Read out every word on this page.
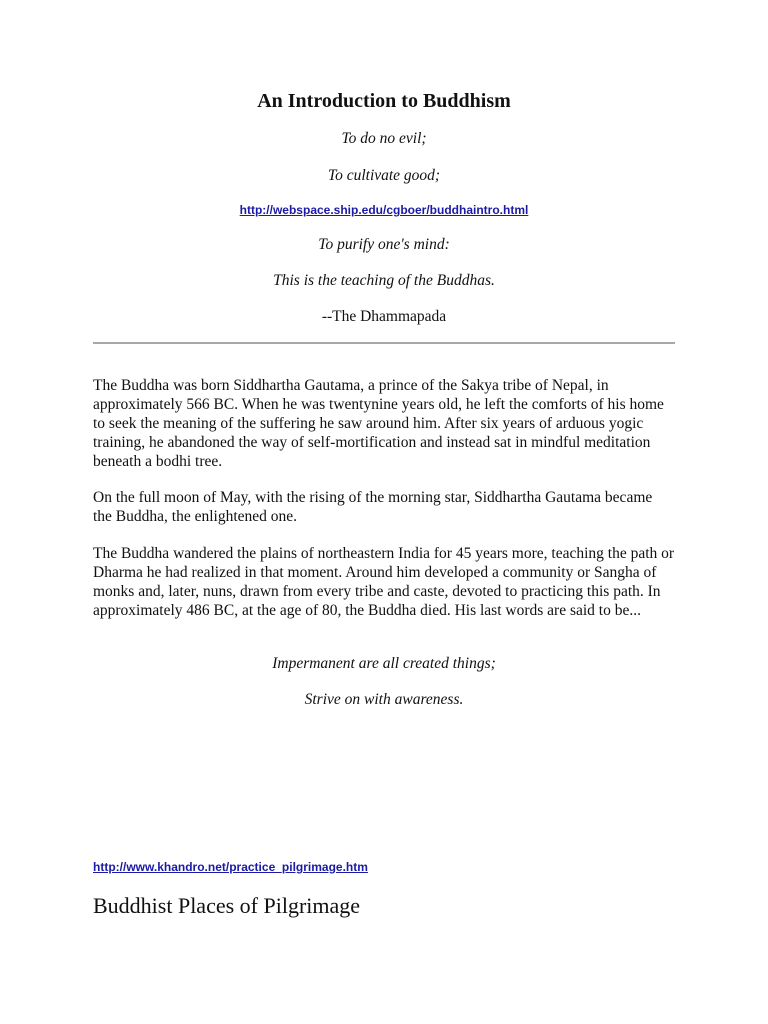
An Introduction to Buddhism
To do no evil;
To cultivate good;
http://webspace.ship.edu/cgboer/buddhaintro.html
To purify one's mind:
This is the teaching of the Buddhas.
--The Dhammapada
The Buddha was born Siddhartha Gautama, a prince of the Sakya tribe of Nepal, in approximately 566 BC. When he was twentynine years old, he left the comforts of his home to seek the meaning of the suffering he saw around him. After six years of arduous yogic training, he abandoned the way of self-mortification and instead sat in mindful meditation beneath a bodhi tree.
On the full moon of May, with the rising of the morning star, Siddhartha Gautama became the Buddha, the enlightened one.
The Buddha wandered the plains of northeastern India for 45 years more, teaching the path or Dharma he had realized in that moment. Around him developed a community or Sangha of monks and, later, nuns, drawn from every tribe and caste, devoted to practicing this path. In approximately 486 BC, at the age of 80, the Buddha died. His last words are said to be...
Impermanent are all created things;
Strive on with awareness.
http://www.khandro.net/practice_pilgrimage.htm
Buddhist Places of Pilgrimage
